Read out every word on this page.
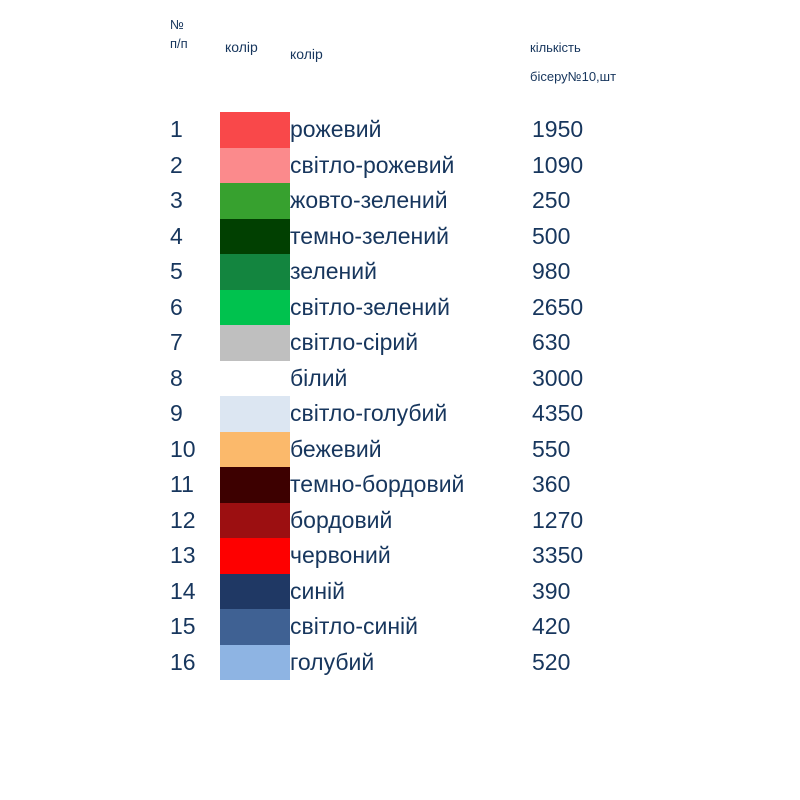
№
п/п	колір	колір	кількість
бісеру№10,шт
1	рожевий	1950
2	світло-рожевий	1090
3	жовто-зелений	250
4	темно-зелений	500
5	зелений	980
6	світло-зелений	2650
7	світло-сірий	630
8	білий	3000
9	світло-голубий	4350
10	бежевий	550
11	темно-бордовий	360
12	бордовий	1270
13	червоний	3350
14	синій	390
15	світло-синій	420
16	голубий	520
